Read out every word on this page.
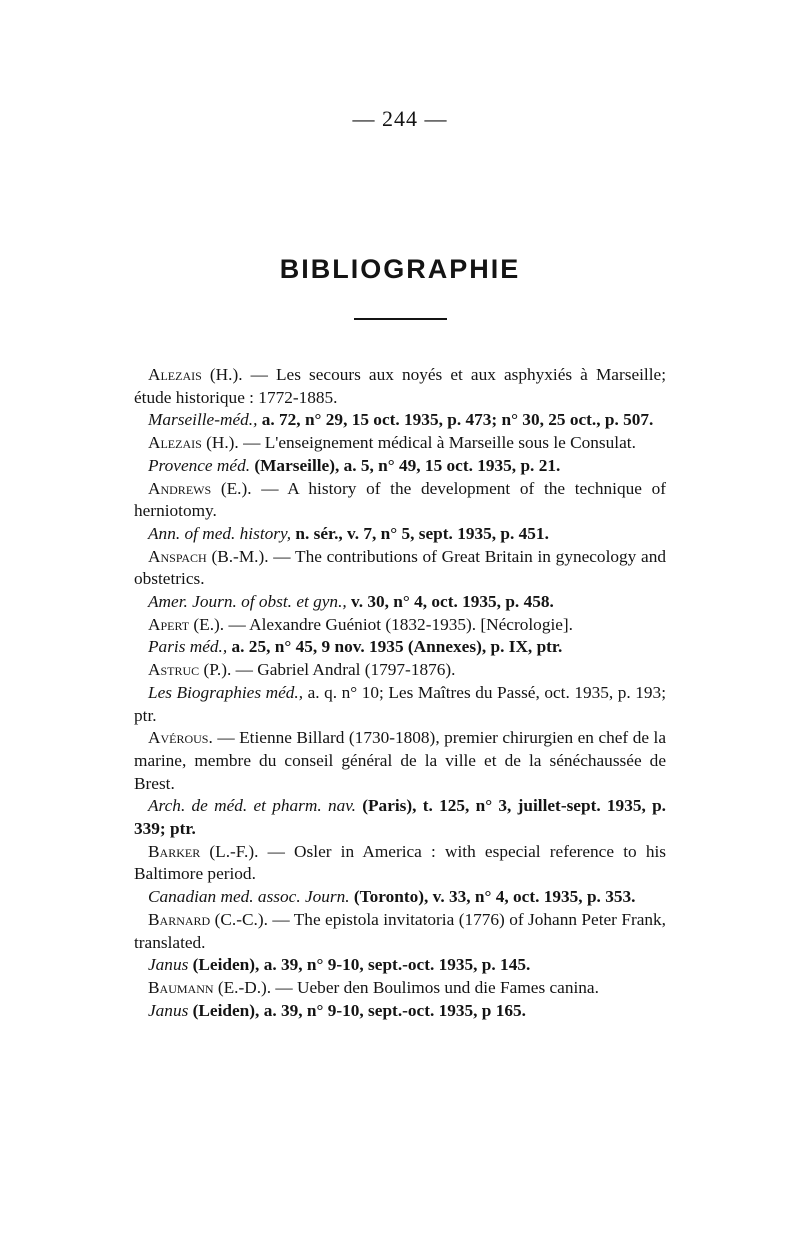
— 244 —
BIBLIOGRAPHIE
Alezais (H.). — Les secours aux noyés et aux asphyxiés à Marseille; étude historique : 1772-1885.
Marseille-méd., a. 72, n° 29, 15 oct. 1935, p. 473; n° 30, 25 oct., p. 507.
Alezais (H.). — L'enseignement médical à Marseille sous le Consulat.
Provence méd. (Marseille), a. 5, n° 49, 15 oct. 1935, p. 21.
Andrews (E.). — A history of the development of the technique of herniotomy.
Ann. of med. history, n. sér., v. 7, n° 5, sept. 1935, p. 451.
Anspach (B.-M.). — The contributions of Great Britain in gynecology and obstetrics.
Amer. Journ. of obst. et gyn., v. 30, n° 4, oct. 1935, p. 458.
Apert (E.). — Alexandre Guéniot (1832-1935). [Nécrologie].
Paris méd., a. 25, n° 45, 9 nov. 1935 (Annexes), p. IX, ptr.
Astruc (P.). — Gabriel Andral (1797-1876).
Les Biographies méd., a. q. n° 10; Les Maîtres du Passé, oct. 1935, p. 193; ptr.
Avérous. — Etienne Billard (1730-1808), premier chirurgien en chef de la marine, membre du conseil général de la ville et de la sénéchaussée de Brest.
Arch. de méd. et pharm. nav. (Paris), t. 125, n° 3, juillet-sept. 1935, p. 339; ptr.
Barker (L.-F.). — Osler in America : with especial reference to his Baltimore period.
Canadian med. assoc. Journ. (Toronto), v. 33, n° 4, oct. 1935, p. 353.
Barnard (C.-C.). — The epistola invitatoria (1776) of Johann Peter Frank, translated.
Janus (Leiden), a. 39, n° 9-10, sept.-oct. 1935, p. 145.
Baumann (E.-D.). — Ueber den Boulimos und die Fames canina.
Janus (Leiden), a. 39, n° 9-10, sept.-oct. 1935, p 165.
